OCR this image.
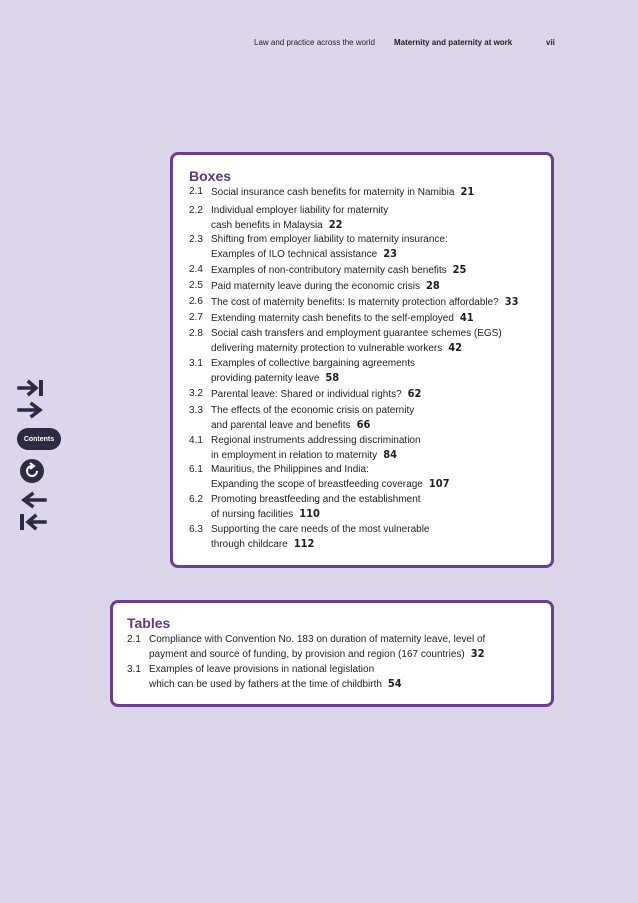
Law and practice across the world Maternity and paternity at work	vii
Contents
Boxes
2.1 Social insurance cash benefits for maternity in Namibia 21
2.2 Individual employer liability for maternity
cash benefits in Malaysia 22
2.3 Shifting from employer liability to maternity insurance:
Examples of ILO technical assistance 23
2.4 Examples of non-contributory maternity cash benefits 25
2.5 Paid maternity leave during the economic crisis 28
2.6 The cost of maternity benefits: Is maternity protection affordable? 33
2.7 Extending maternity cash benefits to the self-employed 41
2.8 Social cash transfers and employment guarantee schemes (EGS)
delivering maternity protection to vulnerable workers 42
3.1 Examples of collective bargaining agreements
providing paternity leave 58
3.2 Parental leave: Shared or individual rights? 62
3.3 The effects of the economic crisis on paternity
and parental leave and benefits 66
4.1 Regional instruments addressing discrimination
in employment in relation to maternity 84
6.1 Mauritius, the Philippines and India:
Expanding the scope of breastfeeding coverage 107
6.2 Promoting breastfeeding and the establishment
of nursing facilities 110
6.3 Supporting the care needs of the most vulnerable
through childcare 112
Tables
2.1 Compliance with Convention No. 183 on duration of maternity leave, level of
payment and source of funding, by provision and region (167 countries) 32
3.1 Examples of leave provisions in national legislation
which can be used by fathers at the time of childbirth 54
